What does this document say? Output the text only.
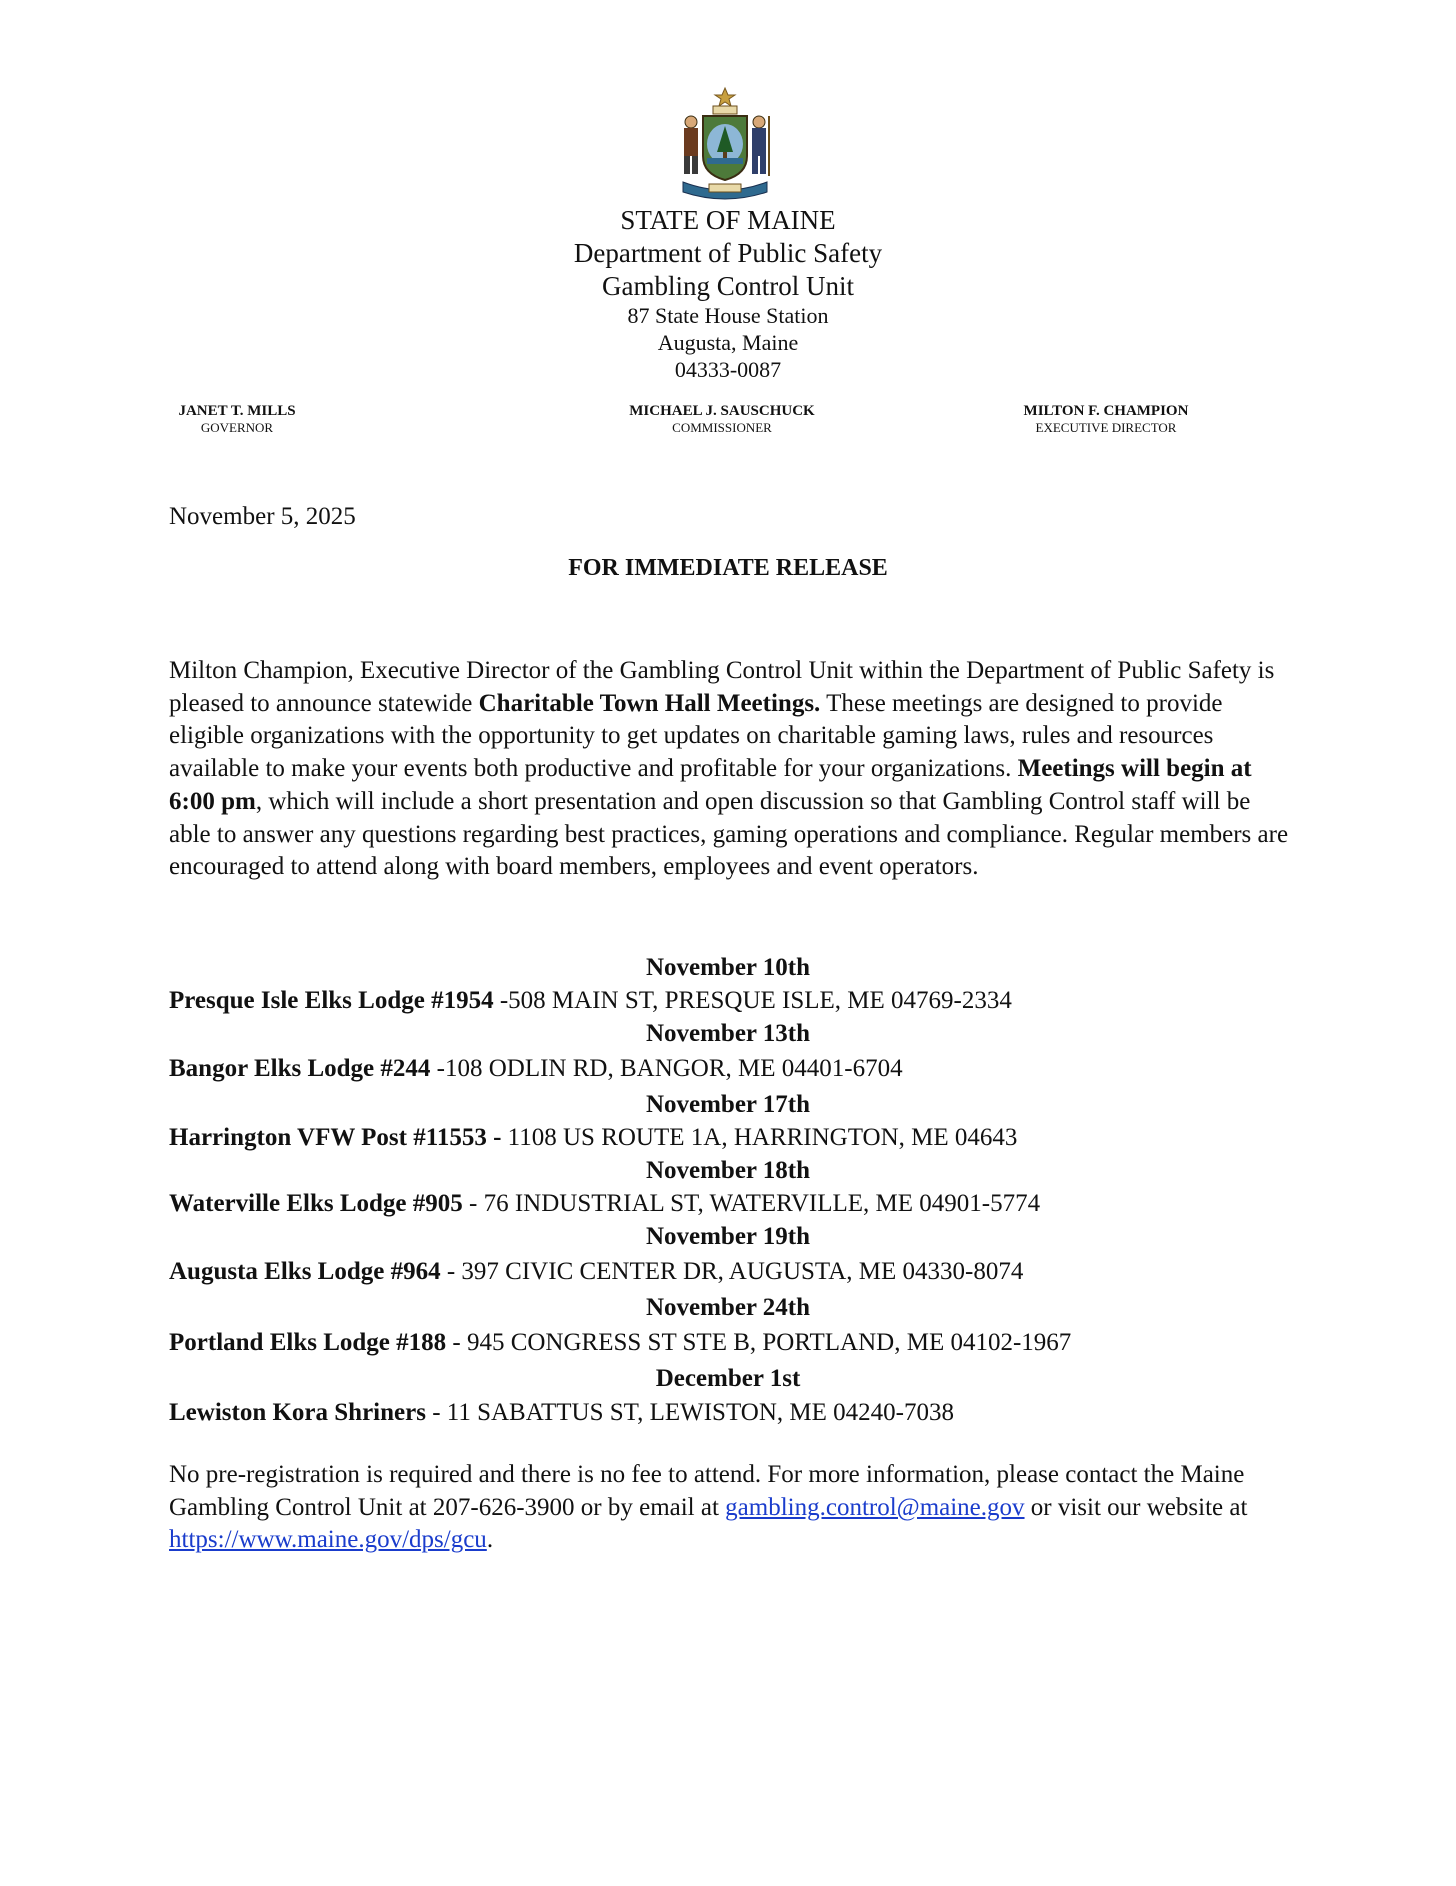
STATE OF MAINE
Department of Public Safety
Gambling Control Unit
87 State House Station
Augusta, Maine
04333-0087
JANET T. MILLS
GOVERNOR
MICHAEL J. SAUSCHUCK
COMMISSIONER
MILTON F. CHAMPION
EXECUTIVE DIRECTOR
November 5, 2025
FOR IMMEDIATE RELEASE
Milton Champion, Executive Director of the Gambling Control Unit within the Department of Public Safety is pleased to announce statewide Charitable Town Hall Meetings. These meetings are designed to provide eligible organizations with the opportunity to get updates on charitable gaming laws, rules and resources available to make your events both productive and profitable for your organizations. Meetings will begin at 6:00 pm, which will include a short presentation and open discussion so that Gambling Control staff will be able to answer any questions regarding best practices, gaming operations and compliance. Regular members are encouraged to attend along with board members, employees and event operators.
November 10th
Presque Isle Elks Lodge #1954 -508 MAIN ST, PRESQUE ISLE, ME 04769-2334
November 13th
Bangor Elks Lodge #244 -108 ODLIN RD, BANGOR, ME 04401-6704
November 17th
Harrington VFW Post #11553 - 1108 US ROUTE 1A, HARRINGTON, ME 04643
November 18th
Waterville Elks Lodge #905 - 76 INDUSTRIAL ST, WATERVILLE, ME 04901-5774
November 19th
Augusta Elks Lodge #964 - 397 CIVIC CENTER DR, AUGUSTA, ME 04330-8074
November 24th
Portland Elks Lodge #188 - 945 CONGRESS ST STE B, PORTLAND, ME 04102-1967
December 1st
Lewiston Kora Shriners - 11 SABATTUS ST, LEWISTON, ME 04240-7038
No pre-registration is required and there is no fee to attend. For more information, please contact the Maine Gambling Control Unit at 207-626-3900 or by email at gambling.control@maine.gov or visit our website at https://www.maine.gov/dps/gcu.
